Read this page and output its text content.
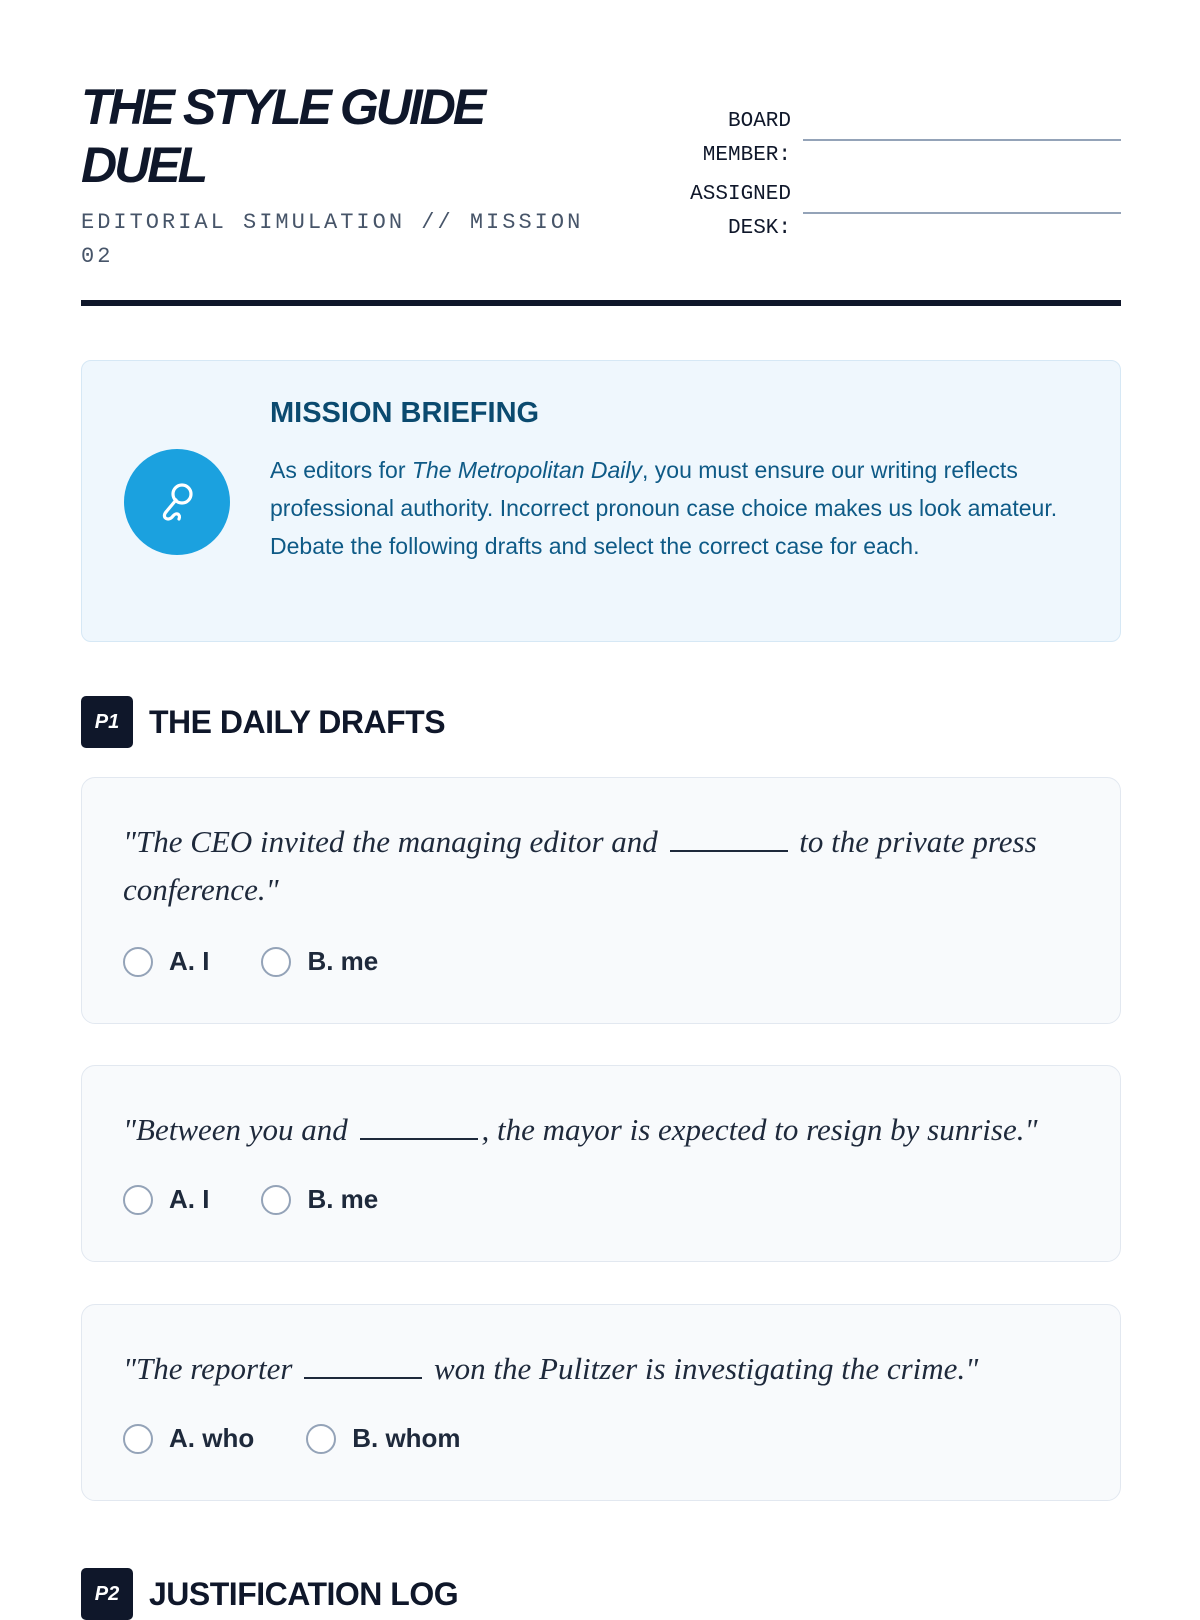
THE STYLE GUIDE DUEL
EDITORIAL SIMULATION // MISSION 02
BOARD MEMBER:
ASSIGNED DESK:
MISSION BRIEFING

As editors for The Metropolitan Daily, you must ensure our writing reflects professional authority. Incorrect pronoun case choice makes us look amateur. Debate the following drafts and select the correct case for each.

P1 THE DAILY DRAFTS

"The CEO invited the managing editor and	to the private press conference."

A. I	B. me

"Between you and	, the mayor is expected to resign by sunrise."

A. I	B. me

"The reporter	won the Pulitzer is investigating the crime."

A. who	B. whom
P2 JUSTIFICATION LOG
